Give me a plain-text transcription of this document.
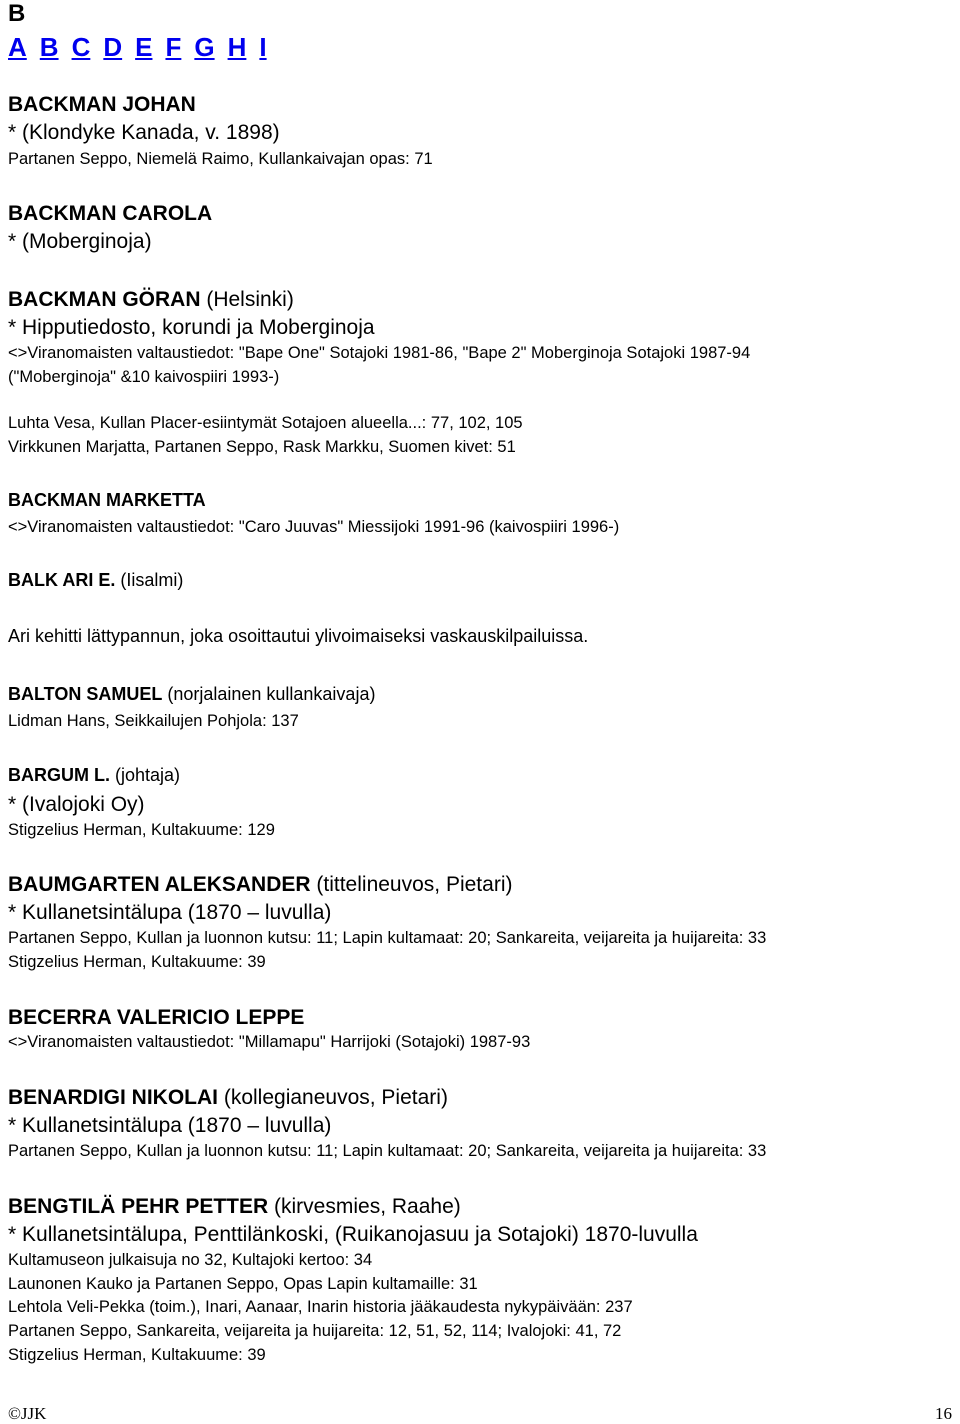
B
A B C D E F G H I
BACKMAN JOHAN
* (Klondyke Kanada, v. 1898)
Partanen Seppo, Niemelä Raimo, Kullankaivajan opas: 71
BACKMAN CAROLA
* (Moberginoja)
BACKMAN GÖRAN (Helsinki)
* Hipputiedosto, korundi ja Moberginoja
<>Viranomaisten valtaustiedot: "Bape One" Sotajoki 1981-86, "Bape 2" Moberginoja Sotajoki 1987-94
("Moberginoja" &10 kaivospiiri 1993-)
Luhta Vesa, Kullan Placer-esiintymät Sotajoen alueella...: 77, 102, 105
Virkkunen Marjatta, Partanen Seppo, Rask Markku, Suomen kivet: 51
BACKMAN MARKETTA
<>Viranomaisten valtaustiedot: "Caro Juuvas" Miessijoki 1991-96 (kaivospiiri 1996-)
BALK ARI E. (Iisalmi)
Ari kehitti lättypannun, joka osoittautui ylivoimaiseksi vaskauskilpailuissa.
BALTON SAMUEL (norjalainen kullankaivaja)
Lidman Hans, Seikkailujen Pohjola: 137
BARGUM L. (johtaja)
* (Ivalojoki Oy)
Stigzelius Herman, Kultakuume: 129
BAUMGARTEN ALEKSANDER (tittelineuvos, Pietari)
* Kullanetsintälupa (1870 – luvulla)
Partanen Seppo, Kullan ja luonnon kutsu: 11; Lapin kultamaat: 20; Sankareita, veijareita ja huijareita: 33
Stigzelius Herman, Kultakuume: 39
BECERRA VALERICIO LEPPE
<>Viranomaisten valtaustiedot: "Millamapu" Harrijoki (Sotajoki) 1987-93
BENARDIGI NIKOLAI (kollegianeuvos, Pietari)
* Kullanetsintälupa (1870 – luvulla)
Partanen Seppo, Kullan ja luonnon kutsu: 11; Lapin kultamaat: 20; Sankareita, veijareita ja huijareita: 33
BENGTILÄ PEHR PETTER (kirvesmies, Raahe)
* Kullanetsintälupa, Penttilänkoski, (Ruikanojasuu ja Sotajoki) 1870-luvulla
Kultamuseon julkaisuja no 32, Kultajoki kertoo: 34
Launonen Kauko ja Partanen Seppo, Opas Lapin kultamaille: 31
Lehtola Veli-Pekka (toim.), Inari, Aanaar, Inarin historia jääkaudesta nykypäivään: 237
Partanen Seppo, Sankareita, veijareita ja huijareita: 12, 51, 52, 114; Ivalojoki: 41, 72
Stigzelius Herman, Kultakuume: 39
©JJK	16
